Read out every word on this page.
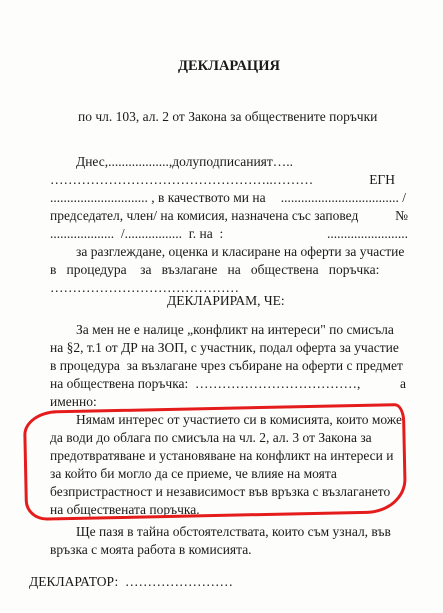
ДЕКЛАРАЦИЯ
по чл. 103, ал. 2 от Закона за обществените поръчки
Днес,..................,долуподписаният…..
…………………………………………..………	ЕГН
............................. , в качеството ми на ................................... /
председател, член/ на комисия, назначена със заповед	№
...................  /.................  г. на  :	........................
за разглеждане, оценка и класиране на оферти за участие
в   процедура    за   възлагане   на   обществена   поръчка:
……………………………………
ДЕКЛАРИРАМ, ЧЕ:
За мен не е налице „конфликт на интереси" по смисъла
на §2, т.1 от ДР на ЗОП, с участник, подал оферта за участие
в процедура  за възлагане чрез събиране на оферти с предмет
на обществена поръчка:  ………………………………,	а
именно:
Нямам интерес от участието си в комисията, които може
да води до облага по смисъла на чл. 2, ал. 3 от Закона за
предотвратяване и установяване на конфликт на интереси и
за който би могло да се приеме, че влияе на моята
безпристрастност и независимост във връзка с възлагането
на обществената поръчка.
Ще пазя в тайна обстоятелствата, които съм узнал, във
връзка с моята работа в комисията.
ДЕКЛАРАТОР:  ……………………
